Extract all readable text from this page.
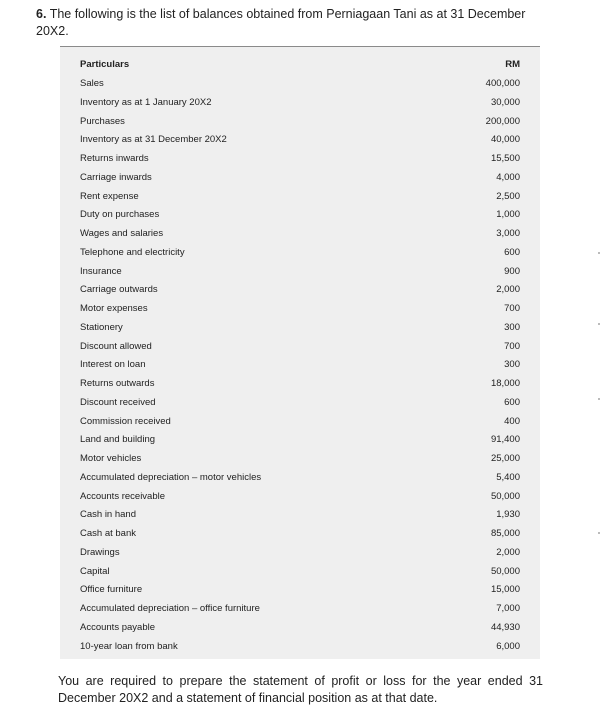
6. The following is the list of balances obtained from Perniagaan Tani as at 31 December 20X2.
Particulars	RM
Sales	400,000
Inventory as at 1 January 20X2	30,000
Purchases	200,000
Inventory as at 31 December 20X2	40,000
Returns inwards	15,500
Carriage inwards	4,000
Rent expense	2,500
Duty on purchases	1,000
Wages and salaries	3,000
Telephone and electricity	600
Insurance	900
Carriage outwards	2,000
Motor expenses	700
Stationery	300
Discount allowed	700
Interest on loan	300
Returns outwards	18,000
Discount received	600
Commission received	400
Land and building	91,400
Motor vehicles	25,000
Accumulated depreciation – motor vehicles	5,400
Accounts receivable	50,000
Cash in hand	1,930
Cash at bank	85,000
Drawings	2,000
Capital	50,000
Office furniture	15,000
Accumulated depreciation – office furniture	7,000
Accounts payable	44,930
10-year loan from bank	6,000
You are required to prepare the statement of profit or loss for the year ended 31 December 20X2 and a statement of financial position as at that date.
